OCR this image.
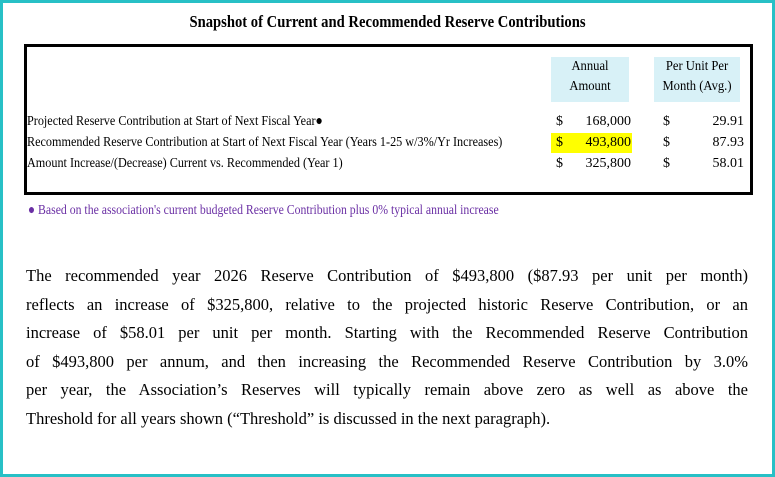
Snapshot of Current and Recommended Reserve Contributions
Annual
Amount
Per Unit Per
Month (Avg.)
Projected Reserve Contribution at Start of Next Fiscal Year●	$	168,000 $	29.91
Recommended Reserve Contribution at Start of Next Fiscal Year (Years 1-25 w/3%/Yr Increases)	$	493,800 $	87.93
Amount Increase/(Decrease) Current vs. Recommended (Year 1)	$	325,800 $	58.01
● Based on the association's current budgeted Reserve Contribution plus 0% typical annual increase
The recommended year 2026 Reserve Contribution of $493,800 ($87.93 per unit per month)
reflects an increase of $325,800, relative to the projected historic Reserve Contribution, or an
increase of $58.01 per unit per month. Starting with the Recommended Reserve Contribution
of $493,800 per annum, and then increasing the Recommended Reserve Contribution by 3.0%
per year, the Association’s Reserves will typically remain above zero as well as above the
Threshold for all years shown (“Threshold” is discussed in the next paragraph).
